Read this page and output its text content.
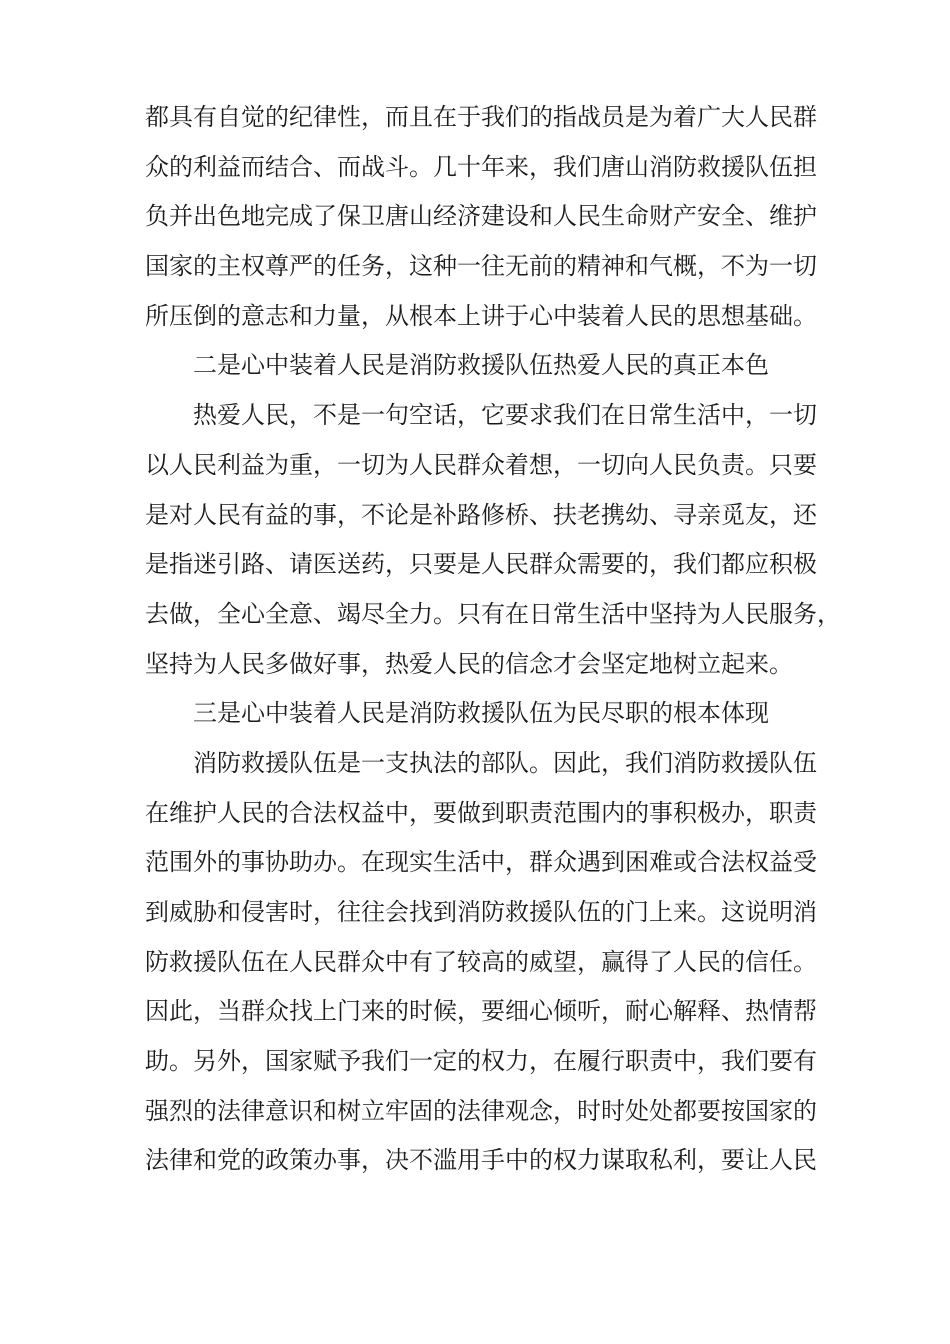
都具有自觉的纪律性，而且在于我们的指战员是为着广大人民群
众的利益而结合、而战斗。几十年来，我们唐山消防救援队伍担
负并出色地完成了保卫唐山经济建设和人民生命财产安全、维护
国家的主权尊严的任务，这种一往无前的精神和气概，不为一切
所压倒的意志和力量，从根本上讲于心中装着人民的思想基础。
二是心中装着人民是消防救援队伍热爱人民的真正本色
热爱人民，不是一句空话，它要求我们在日常生活中，一切
以人民利益为重，一切为人民群众着想，一切向人民负责。只要
是对人民有益的事，不论是补路修桥、扶老携幼、寻亲觅友，还
是指迷引路、请医送药，只要是人民群众需要的，我们都应积极
去做，全心全意、竭尽全力。只有在日常生活中坚持为人民服务，
坚持为人民多做好事，热爱人民的信念才会坚定地树立起来。
三是心中装着人民是消防救援队伍为民尽职的根本体现
消防救援队伍是一支执法的部队。因此，我们消防救援队伍
在维护人民的合法权益中，要做到职责范围内的事积极办，职责
范围外的事协助办。在现实生活中，群众遇到困难或合法权益受
到威胁和侵害时，往往会找到消防救援队伍的门上来。这说明消
防救援队伍在人民群众中有了较高的威望，赢得了人民的信任。
因此，当群众找上门来的时候，要细心倾听，耐心解释、热情帮
助。另外，国家赋予我们一定的权力，在履行职责中，我们要有
强烈的法律意识和树立牢固的法律观念，时时处处都要按国家的
法律和党的政策办事，决不滥用手中的权力谋取私利，要让人民
